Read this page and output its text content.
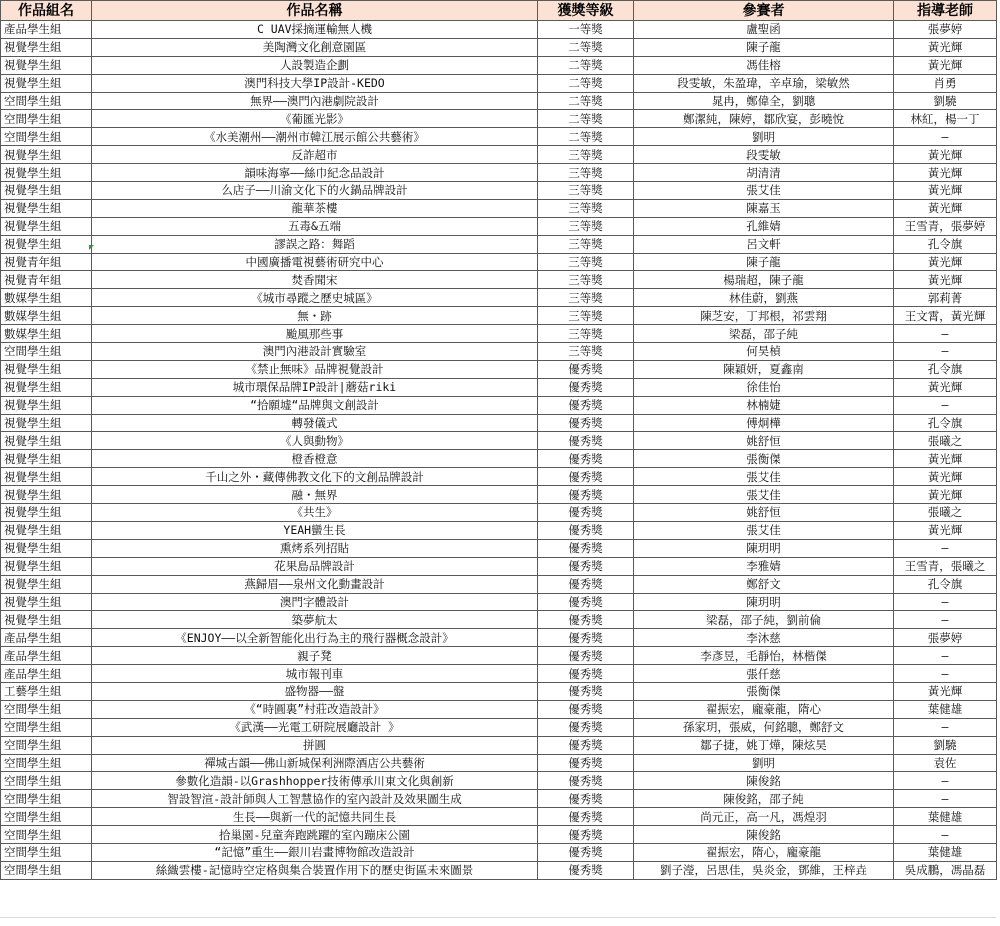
作品組名	作品名稱	獲獎等級	參賽者	指導老師
產品學生組	C UAV採摘運輸無人機	一等獎	盧聖函	張夢婷
視覺學生組	美陶灣文化創意園區	二等獎	陳子龍	黃光輝
視覺學生組	人設製造企劃	二等獎	馮佳榕	黃光輝
視覺學生組	澳門科技大學IP設計-KEDO	二等獎	段雯敏，朱盈瑋，辛卓瑜，梁敏然	肖勇
空間學生組	無界——澳門內港劇院設計	二等獎	晁冉，鄭偉全，劉聰	劉驍
空間學生組	《葡匯光影》	二等獎	鄭潔純，陳婷，鄒欣宴，彭曉悅	林紅，楊一丁
空間學生組	《水美潮州——潮州市韓江展示館公共藝術》	二等獎	劉明	—
視覺學生組	反詐超市	三等獎	段雯敏	黃光輝
視覺學生組	韻味海寧——絲巾紀念品設計	三等獎	胡清清	黃光輝
視覺學生組	么店子——川渝文化下的火鍋品牌設計	三等獎	張艾佳	黃光輝
視覺學生組	龍華茶樓	三等獎	陳嘉玉	黃光輝
視覺學生組	五毒&五端	三等獎	孔維婧	王雪青，張夢婷
視覺學生組	謬誤之路：舞蹈	三等獎	呂文軒	孔令旗
視覺青年組	中國廣播電視藝術研究中心	三等獎	陳子龍	黃光輝
視覺青年組	焚香聞宋	三等獎	楊瑞超，陳子龍	黃光輝
數媒學生組	《城市尋蹤之歷史城區》	三等獎	林佳蔚，劉燕	郭莉菁
數媒學生組	無・跡	三等獎	陳芝安，丁邦根，祁雲翔	王文霄，黃光輝
數媒學生組	颱風那些事	三等獎	梁磊，邵子純	—
空間學生組	澳門內港設計實驗室	三等獎	何昊楨	—
視覺學生組	《禁止無味》品牌視覺設計	優秀獎	陳穎妍，夏鑫南	孔令旗
視覺學生組	城市環保品牌IP設計|蘑菇riki	優秀獎	徐佳怡	黃光輝
視覺學生組	“拾願墟“品牌與文創設計	優秀獎	林楠婕	—
視覺學生組	轉發儀式	優秀獎	傅炯樺	孔令旗
視覺學生組	《人與動物》	優秀獎	姚舒恒	張曦之
視覺學生組	橙香橙意	優秀獎	張衡傑	黃光輝
視覺學生組	千山之外・藏傳佛教文化下的文創品牌設計	優秀獎	張艾佳	黃光輝
視覺學生組	融・無界	優秀獎	張艾佳	黃光輝
視覺學生組	《共生》	優秀獎	姚舒恒	張曦之
視覺學生組	YEAH蠻生長	優秀獎	張艾佳	黃光輝
視覺學生組	熏烤系列招貼	優秀獎	陳玥明	—
視覺學生組	花果島品牌設計	優秀獎	李雅婧	王雪青，張曦之
視覺學生組	燕歸眉——泉州文化動畫設計	優秀獎	鄭舒文	孔令旗
視覺學生組	澳門字體設計	優秀獎	陳玥明	—
視覺學生組	築夢航太	優秀獎	梁磊，邵子純，劉前倫	—
產品學生組	《ENJOY——以全新智能化出行為主的飛行器概念設計》	優秀獎	李沐慈	張夢婷
產品學生組	親子凳	優秀獎	李彥昱，毛靜怡，林楷傑	—
產品學生組	城市報刊車	優秀獎	張仟慈	—
工藝學生組	盛物器——盤	優秀獎	張衡傑	黃光輝
空間學生組	《“時圓裏”村莊改造設計》	優秀獎	翟振宏，龐豪龍，隋心	葉健雄
空間學生組	《武漢——光電工研院展廳設計 》	優秀獎	孫家玥，張威，何銘聰，鄭舒文	—
空間學生組	拼圓	優秀獎	鄒子捷，姚丁燁，陳炫昊	劉驍
空間學生組	禪城古韻——佛山新城保利洲際酒店公共藝術	優秀獎	劉明	袁佐
空間學生組	參數化造韻-以Grashhopper技術傳承川東文化與創新	優秀獎	陳俊銘	—
空間學生組	智設智渲-設計師與人工智慧協作的室內設計及效果圖生成	優秀獎	陳俊銘，邵子純	—
空間學生組	生長——與新一代的記憶共同生長	優秀獎	尚元正，高一凡，馮煌羽	葉健雄
空間學生組	拾巢園-兒童奔跑跳躍的室內蹦床公園	優秀獎	陳俊銘	—
空間學生組	“記憶”重生——銀川岩畫博物館改造設計	優秀獎	翟振宏，隋心，龐豪龍	葉健雄
空間學生組	絲織雲樓-記憶時空定格與集合裝置作用下的歷史街區未來圖景	優秀獎	劉子瀅，呂思佳，吳炎金，鄧維，王梓垚	吳成鵬，馮晶磊
